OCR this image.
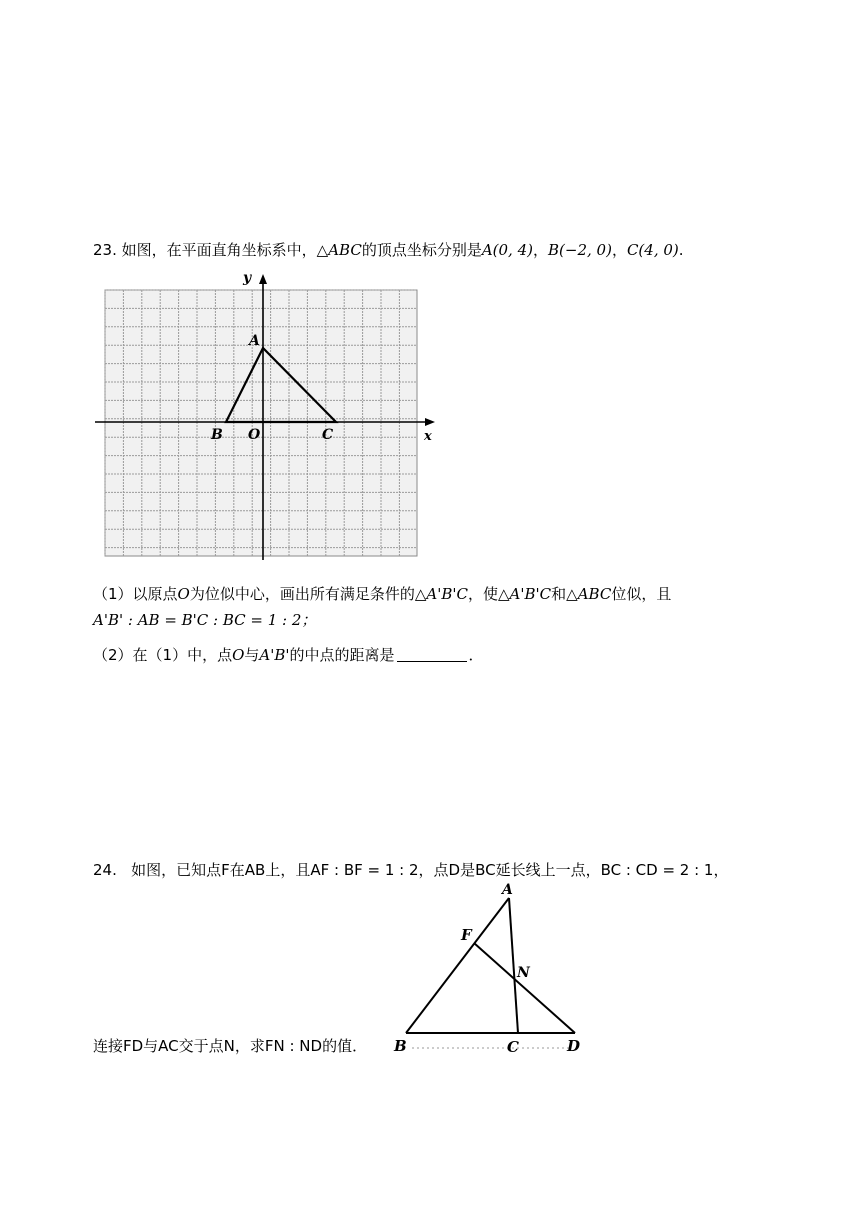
23. 如图，在平面直角坐标系中，△ABC的顶点坐标分别是A(0, 4)，B(−2, 0)，C(4, 0).
x
y
A
B O	C
（1）以原点O为位似中心，画出所有满足条件的△A'B'C，使△A'B'C和△ABC位似，且
A'B' : AB = B'C : BC = 1 : 2；
（2）在（1）中，点O与A'B'的中点的距离是	．
24. 如图，已知点F在AB上，且AF : BF = 1 : 2，点D是BC延长线上一点，BC : CD = 2 : 1，
A
F
N
B	C	D
连接FD与AC交于点N，求FN : ND的值．
